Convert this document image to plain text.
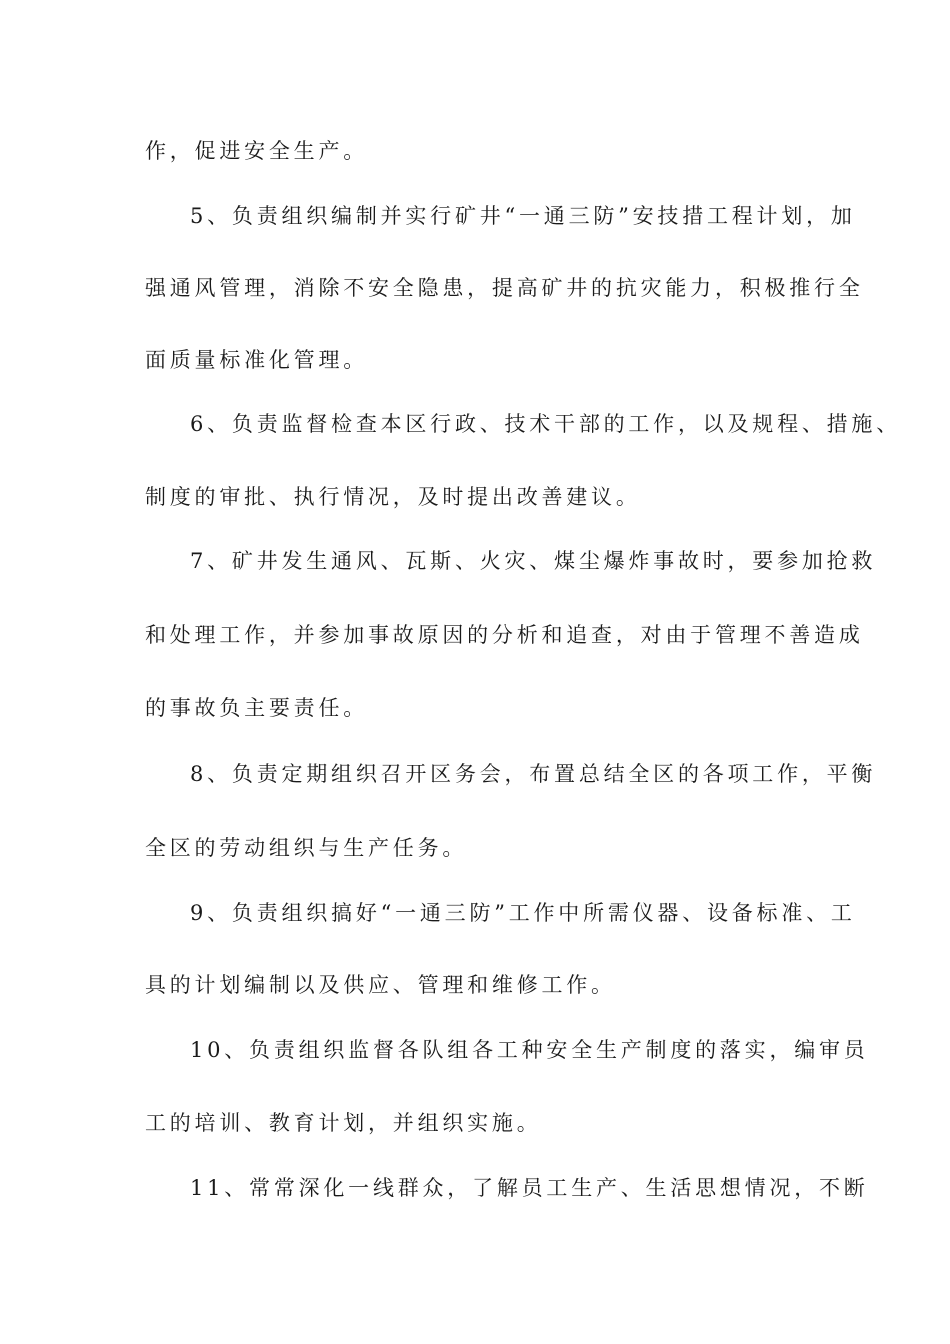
作，促进安全生产。
5、负责组织编制并实行矿井“一通三防”安技措工程计划，加
强通风管理，消除不安全隐患，提高矿井的抗灾能力，积极推行全
面质量标准化管理。
6、负责监督检查本区行政、技术干部的工作，以及规程、措施、
制度的审批、执行情况，及时提出改善建议。
7、矿井发生通风、瓦斯、火灾、煤尘爆炸事故时，要参加抢救
和处理工作，并参加事故原因的分析和追查，对由于管理不善造成
的事故负主要责任。
8、负责定期组织召开区务会，布置总结全区的各项工作，平衡
全区的劳动组织与生产任务。
9、负责组织搞好“一通三防”工作中所需仪器、设备标准、工
具的计划编制以及供应、管理和维修工作。
10、负责组织监督各队组各工种安全生产制度的落实，编审员
工的培训、教育计划，并组织实施。
11、常常深化一线群众，了解员工生产、生活思想情况，不断
